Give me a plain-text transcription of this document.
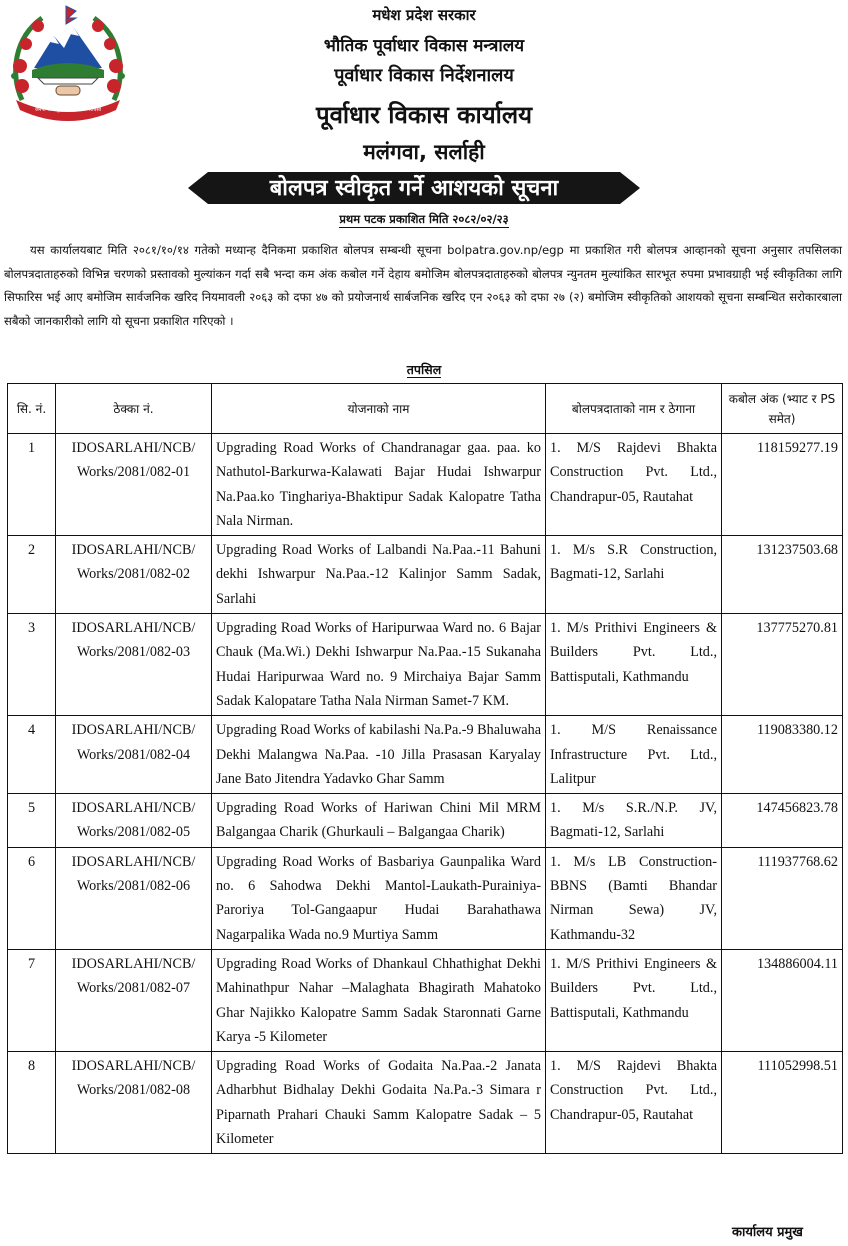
जननी जन्मभूमिश्च स्वर्गादपि गरीयसी
मधेश प्रदेश सरकार
भौतिक पूर्वाधार विकास मन्त्रालय
पूर्वाधार विकास निर्देशनालय
पूर्वाधार विकास कार्यालय
मलंगवा, सर्लाही
बोलपत्र स्वीकृत गर्ने आशयको सूचना
प्रथम पटक प्रकाशित मिति २०८२/०२/२३

यस कार्यालयबाट मिति २०८१/१०/१४ गतेको मध्यान्ह दैनिकमा प्रकाशित बोलपत्र सम्बन्धी सूचना bolpatra.gov.np/egp मा प्रकाशित गरी बोलपत्र आव्हानको सूचना अनुसार तपसिलका बोलपत्रदाताहरुको विभिन्न चरणको प्रस्तावको मुल्यांकन गर्दा सबै भन्दा कम अंक कबोल गर्ने देहाय बमोजिम बोलपत्रदाताहरुको बोलपत्र न्युनतम मुल्यांकित सारभूत रुपमा प्रभावग्राही भई स्वीकृतिका लागि सिफारिस भई आए बमोजिम सार्वजनिक खरिद नियमावली २०६३ को दफा ४७ को प्रयोजनार्थ सार्बजनिक खरिद एन २०६३ को दफा २७ (२) बमोजिम स्वीकृतिको आशयको सूचना सम्बन्धित सरोकारबाला सबैको जानकारीको लागि यो सूचना प्रकाशित गरिएको ।

तपसिल
सि. नं.	ठेक्का नं.	योजनाको नाम	बोलपत्रदाताको नाम र ठेगाना	कबोल अंक (भ्याट र PS समेत)
1	IDOSARLAHI/NCB/ Works/2081/082-01	Upgrading Road Works of Chandranagar gaa. paa. ko Nathutol-Barkurwa-Kalawati Bajar Hudai Ishwarpur Na.Paa.ko Tinghariya-Bhaktipur Sadak Kalopatre Tatha Nala Nirman.	1. M/S Rajdevi Bhakta Construction Pvt. Ltd., Chandrapur-05, Rautahat	118159277.19
2	IDOSARLAHI/NCB/ Works/2081/082-02	Upgrading Road Works of Lalbandi Na.Paa.-11 Bahuni dekhi Ishwarpur Na.Paa.-12 Kalinjor Samm Sadak, Sarlahi	1. M/s S.R Construction, Bagmati-12, Sarlahi	131237503.68
3	IDOSARLAHI/NCB/ Works/2081/082-03	Upgrading Road Works of Haripurwaa Ward no. 6 Bajar Chauk (Ma.Wi.) Dekhi Ishwarpur Na.Paa.-15 Sukanaha Hudai Haripurwaa Ward no. 9 Mirchaiya Bajar Samm Sadak Kalopatare Tatha Nala Nirman Samet-7 KM.	1. M/s Prithivi Engineers & Builders Pvt. Ltd., Battisputali, Kathmandu	137775270.81
4	IDOSARLAHI/NCB/ Works/2081/082-04	Upgrading Road Works of kabilashi Na.Pa.-9 Bhaluwaha Dekhi Malangwa Na.Paa. -10 Jilla Prasasan Karyalay Jane Bato Jitendra Yadavko Ghar Samm	1. M/S Renaissance Infrastructure Pvt. Ltd., Lalitpur	119083380.12
5	IDOSARLAHI/NCB/ Works/2081/082-05	Upgrading Road Works of Hariwan Chini Mil MRM Balgangaa Charik (Ghurkauli – Balgangaa Charik)	1. M/s S.R./N.P. JV, Bagmati-12, Sarlahi	147456823.78
6	IDOSARLAHI/NCB/ Works/2081/082-06	Upgrading Road Works of Basbariya Gaunpalika Ward no. 6 Sahodwa Dekhi Mantol-Laukath-Purainiya-Paroriya Tol-Gangaapur Hudai Barahathawa Nagarpalika Wada no.9 Murtiya Samm	1. M/s LB Construction-BBNS (Bamti Bhandar Nirman Sewa) JV, Kathmandu-32	111937768.62
7	IDOSARLAHI/NCB/ Works/2081/082-07	Upgrading Road Works of Dhankaul Chhathighat Dekhi Mahinathpur Nahar –Malaghata Bhagirath Mahatoko Ghar Najikko Kalopatre Samm Sadak Staronnati Garne Karya -5 Kilometer	1. M/S Prithivi Engineers & Builders Pvt. Ltd., Battisputali, Kathmandu	134886004.11
8	IDOSARLAHI/NCB/ Works/2081/082-08	Upgrading Road Works of Godaita Na.Paa.-2 Janata Adharbhut Bidhalay Dekhi Godaita Na.Pa.-3 Simara r Piparnath Prahari Chauki Samm Kalopatre Sadak – 5 Kilometer	1. M/S Rajdevi Bhakta Construction Pvt. Ltd., Chandrapur-05, Rautahat	111052998.51
कार्यालय प्रमुख
